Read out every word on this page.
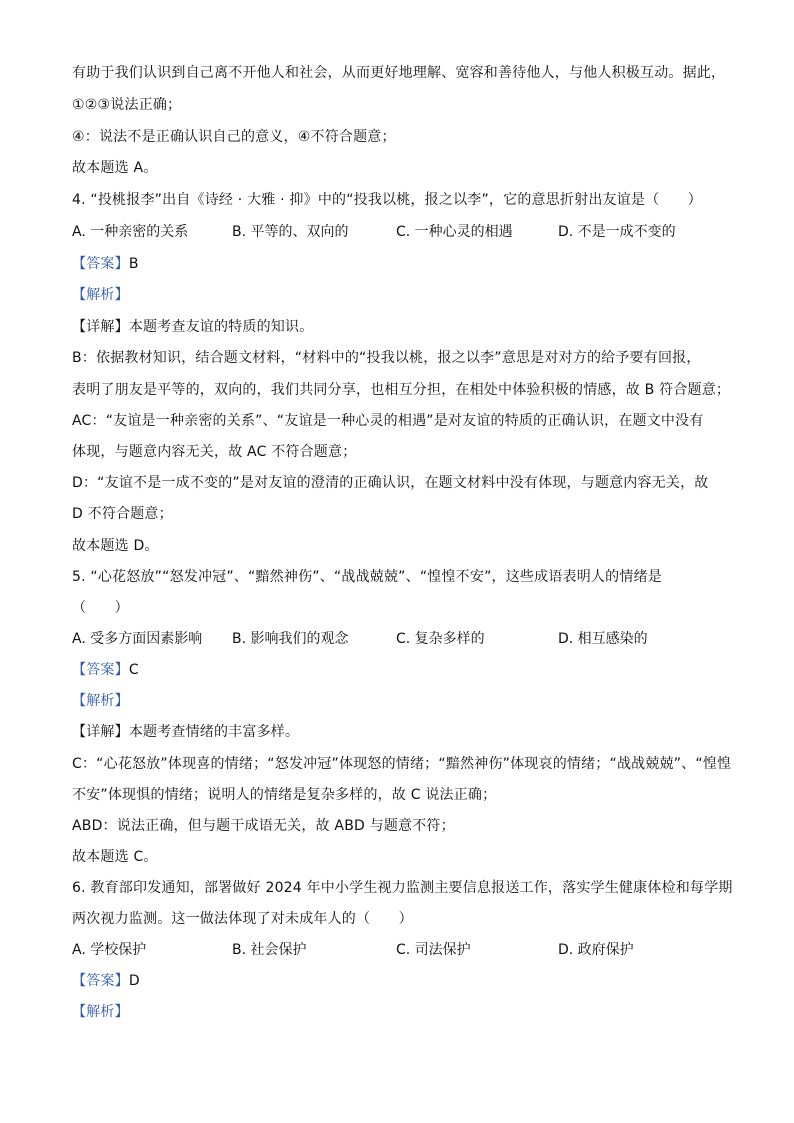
有助于我们认识到自己离不开他人和社会，从而更好地理解、宽容和善待他人，与他人积极互动。据此，
①②③说法正确；
④：说法不是正确认识自己的意义，④不符合题意；
故本题选 A。
4. “投桃报李”出自《诗经 · 大雅 · 抑》中的“投我以桃，报之以李”，它的意思折射出友谊是（　　）
A. 一种亲密的关系	B. 平等的、双向的	C. 一种心灵的相遇	D. 不是一成不变的
【答案】B
【解析】
【详解】本题考查友谊的特质的知识。
B：依据教材知识，结合题文材料，“材料中的“投我以桃，报之以李”意思是对对方的给予要有回报，
表明了朋友是平等的，双向的，我们共同分享，也相互分担，在相处中体验积极的情感，故 B 符合题意；
AC：“友谊是一种亲密的关系”、“友谊是一种心灵的相遇”是对友谊的特质的正确认识，在题文中没有
体现，与题意内容无关，故 AC 不符合题意；
D：“友谊不是一成不变的”是对友谊的澄清的正确认识，在题文材料中没有体现，与题意内容无关，故
D 不符合题意；
故本题选 D。
5. “心花怒放”“怒发冲冠”、“黯然神伤”、“战战兢兢”、“惶惶不安”，这些成语表明人的情绪是
（　　）
A. 受多方面因素影响 B. 影响我们的观念	C. 复杂多样的	D. 相互感染的
【答案】C
【解析】
【详解】本题考查情绪的丰富多样。
C：“心花怒放”体现喜的情绪；“怒发冲冠”体现怒的情绪；“黯然神伤”体现哀的情绪；“战战兢兢”、“惶惶
不安”体现惧的情绪；说明人的情绪是复杂多样的，故 C 说法正确；
ABD：说法正确，但与题干成语无关，故 ABD 与题意不符；
故本题选 C。
6. 教育部印发通知，部署做好 2024 年中小学生视力监测主要信息报送工作，落实学生健康体检和每学期
两次视力监测。这一做法体现了对未成年人的（　　）
A. 学校保护	B. 社会保护	C. 司法保护	D. 政府保护
【答案】D
【解析】
